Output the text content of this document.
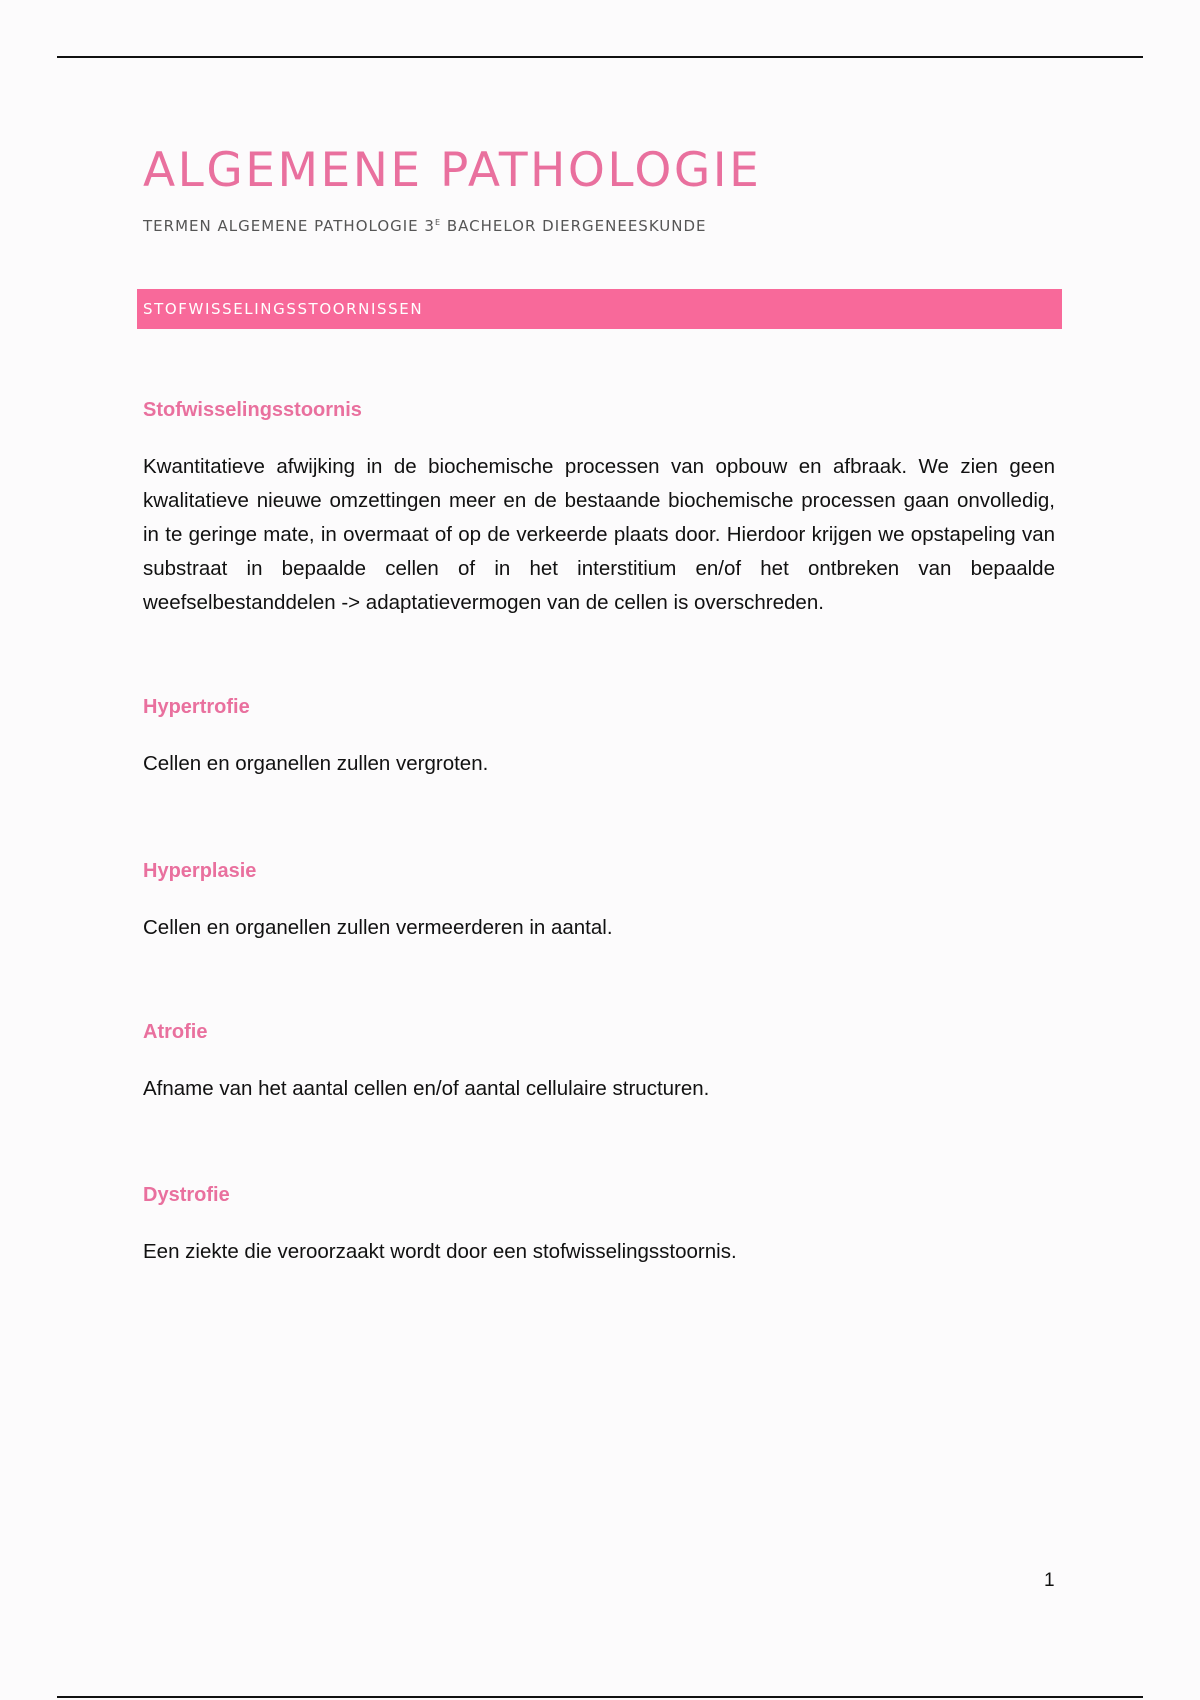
ALGEMENE PATHOLOGIE
TERMEN ALGEMENE PATHOLOGIE $3^E$ BACHELOR DIERGENEESKUNDE
STOFWISSELINGSSTOORNISSEN
Stofwisselingsstoornis

Kwantitatieve afwijking in de biochemische processen van opbouw en afbraak. We zien geen kwalitatieve nieuwe omzettingen meer en de bestaande biochemische processen gaan onvolledig, in te geringe mate, in overmaat of op de verkeerde plaats door. Hierdoor krijgen we opstapeling van substraat in bepaalde cellen of in het interstitium en/of het ontbreken van bepaalde weefselbestanddelen -> adaptatievermogen van de cellen is overschreden.

Hypertrofie

Cellen en organellen zullen vergroten.

Hyperplasie

Cellen en organellen zullen vermeerderen in aantal.

Atrofie

Afname van het aantal cellen en/of aantal cellulaire structuren.

Dystrofie

Een ziekte die veroorzaakt wordt door een stofwisselingsstoornis.

1
